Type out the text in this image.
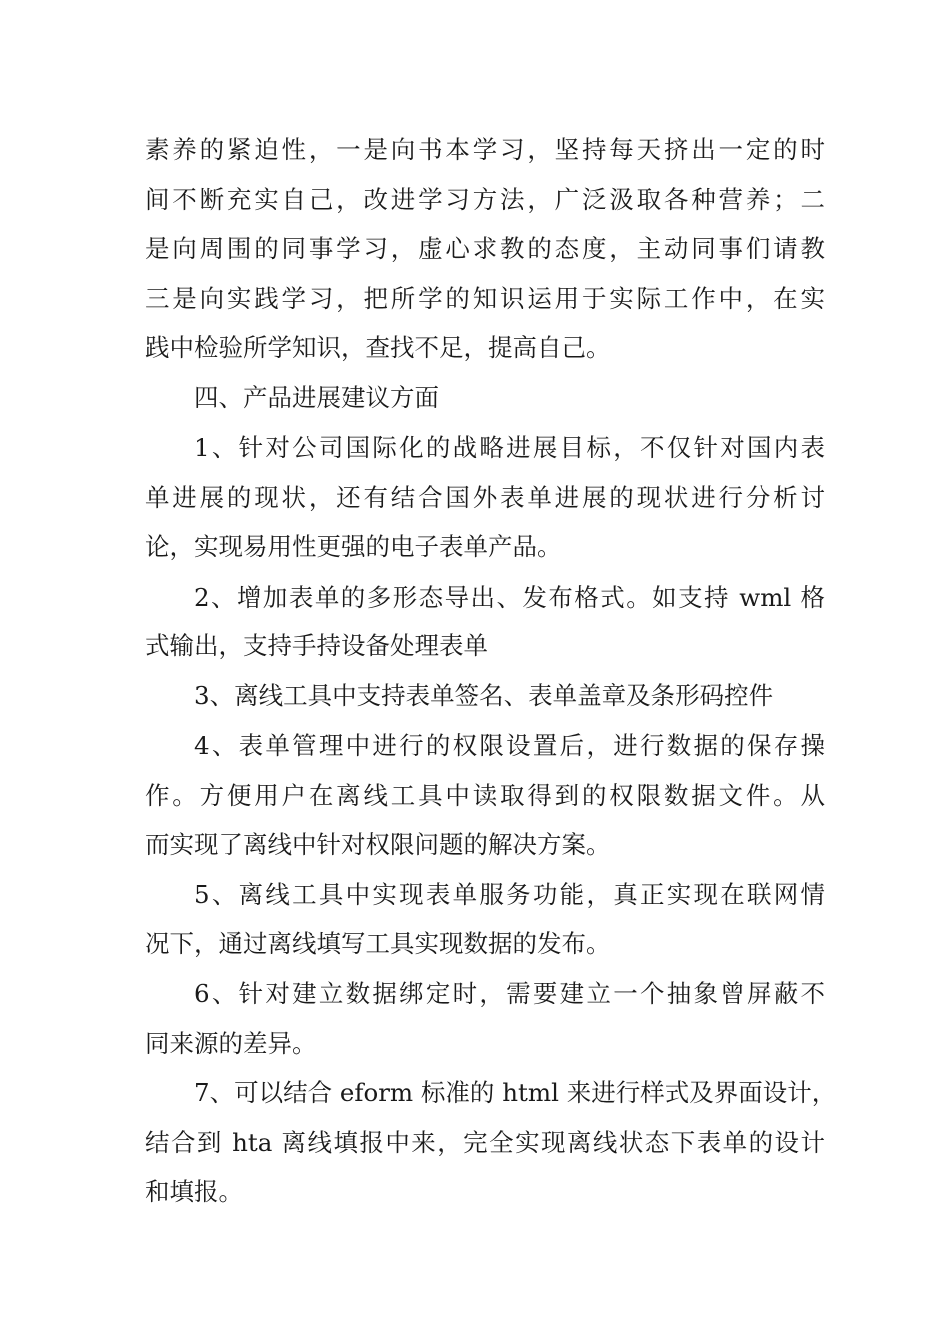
素养的紧迫性，一是向书本学习，坚持每天挤出一定的时
间不断充实自己，改进学习方法，广泛汲取各种营养；二
是向周围的同事学习，虚心求教的态度，主动同事们请教
三是向实践学习，把所学的知识运用于实际工作中，在实
践中检验所学知识，查找不足，提高自己。
四、产品进展建议方面
1、针对公司国际化的战略进展目标，不仅针对国内表
单进展的现状，还有结合国外表单进展的现状进行分析讨
论，实现易用性更强的电子表单产品。
2、增加表单的多形态导出、发布格式。如支持 wml 格
式输出，支持手持设备处理表单
3、离线工具中支持表单签名、表单盖章及条形码控件
4、表单管理中进行的权限设置后，进行数据的保存操
作。方便用户在离线工具中读取得到的权限数据文件。从
而实现了离线中针对权限问题的解决方案。
5、离线工具中实现表单服务功能，真正实现在联网情
况下，通过离线填写工具实现数据的发布。
6、针对建立数据绑定时，需要建立一个抽象曾屏蔽不
同来源的差异。
7、可以结合 eform 标准的 html 来进行样式及界面设计，
结合到 hta 离线填报中来，完全实现离线状态下表单的设计
和填报。
